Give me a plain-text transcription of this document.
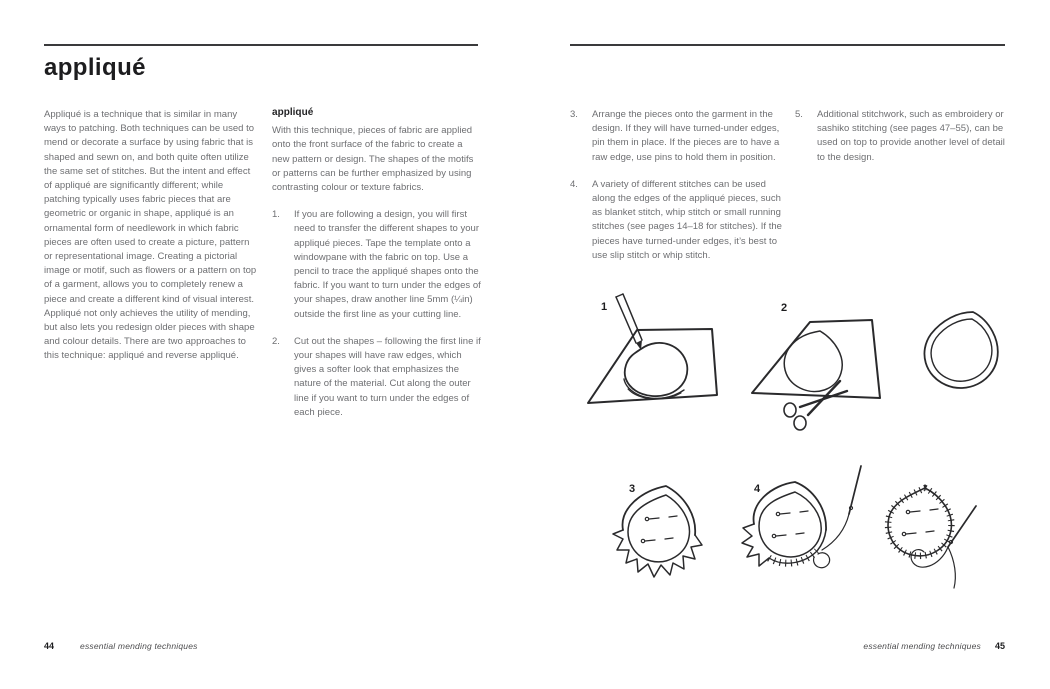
appliqué
Appliqué is a technique that is similar in many ways to patching. Both techniques can be used to mend or decorate a surface by using fabric that is shaped and sewn on, and both quite often utilize the same set of stitches. But the intent and effect of appliqué are significantly different; while patching typically uses fabric pieces that are geometric or organic in shape, appliqué is an ornamental form of needlework in which fabric pieces are often used to create a picture, pattern or representational image. Creating a pictorial image or motif, such as flowers or a pattern on top of a garment, allows you to completely renew a piece and create a different kind of visual interest. Appliqué not only achieves the utility of mending, but also lets you redesign older pieces with shape and colour details. There are two approaches to this technique: appliqué and reverse appliqué.

appliqué

With this technique, pieces of fabric are applied onto the front surface of the fabric to create a new pattern or design. The shapes of the motifs or patterns can be further emphasized by using contrasting colour or texture fabrics.

1.	If you are following a design, you will first need to transfer the different shapes to your appliqué pieces. Tape the template onto a windowpane with the fabric on top. Use a pencil to trace the appliqué shapes onto the fabric. If you want to turn under the edges of your shapes, draw another line 5mm (¼in) outside the first line as your cutting line.
2.	Cut out the shapes – following the first line if your shapes will have raw edges, which gives a softer look that emphasizes the nature of the material. Cut along the outer line if you want to turn under the edges of each piece.
44	essential mending techniques
3.	Arrange the pieces onto the garment in the design. If they will have turned-under edges, pin them in place. If the pieces are to have a raw edge, use pins to hold them in position.
4.	A variety of different stitches can be used along the edges of the appliqué pieces, such as blanket stitch, whip stitch or small running stitches (see pages 14–18 for stitches). If the pieces have turned-under edges, it’s best to use slip stitch or whip stitch.
5.	Additional stitchwork, such as embroidery or sashiko stitching (see pages 47–55), can be used on top to provide another level of detail to the design.
1	2
3	4
essential mending techniques 45
